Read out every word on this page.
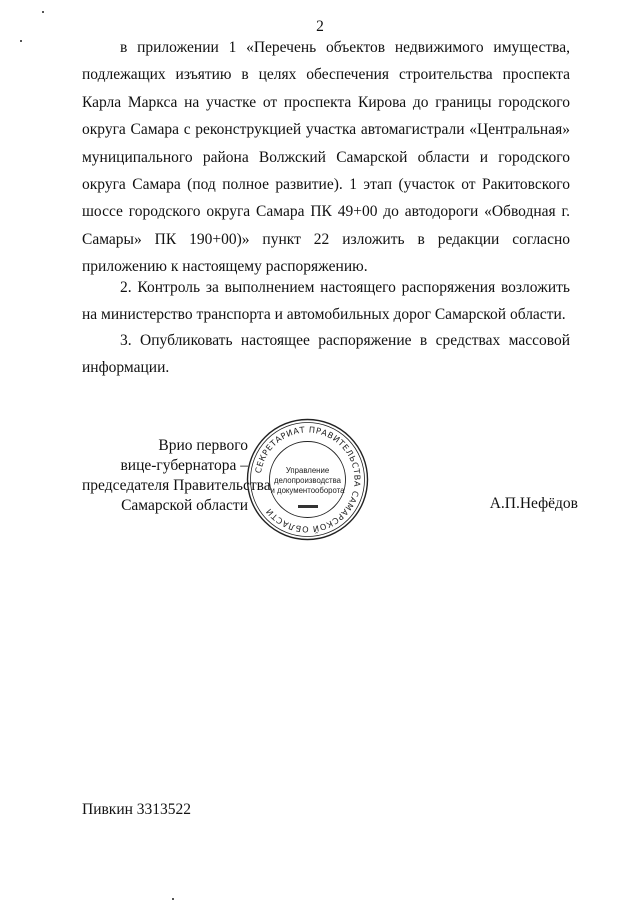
2

в приложении 1 «Перечень объектов недвижимого имущества, подлежащих изъятию в целях обеспечения строительства проспекта Карла Маркса на участке от проспекта Кирова до границы городского округа Самара с реконструкцией участка автомагистрали «Центральная» муниципального района Волжский Самарской области и городского округа Самара (под полное развитие). 1 этап (участок от Ракитовского шоссе городского округа Самара ПК 49+00 до автодороги «Обводная г. Самары» ПК 190+00)» пункт 22 изложить в редакции согласно приложению к настоящему распоряжению.

2. Контроль за выполнением настоящего распоряжения возложить на министерство транспорта и автомобильных дорог Самарской области.

3. Опубликовать настоящее распоряжение в средствах массовой информации.

Врио первого
вице-губернатора –
председателя Правительства
Самарской области
СЕКРЕТАРИАТ ПРАВИТЕЛЬСТВА САМАРСКОЙ ОБЛАСТИ
Управление
делопроизводства
и документооборота
А.П.Нефёдов
Пивкин 3313522
